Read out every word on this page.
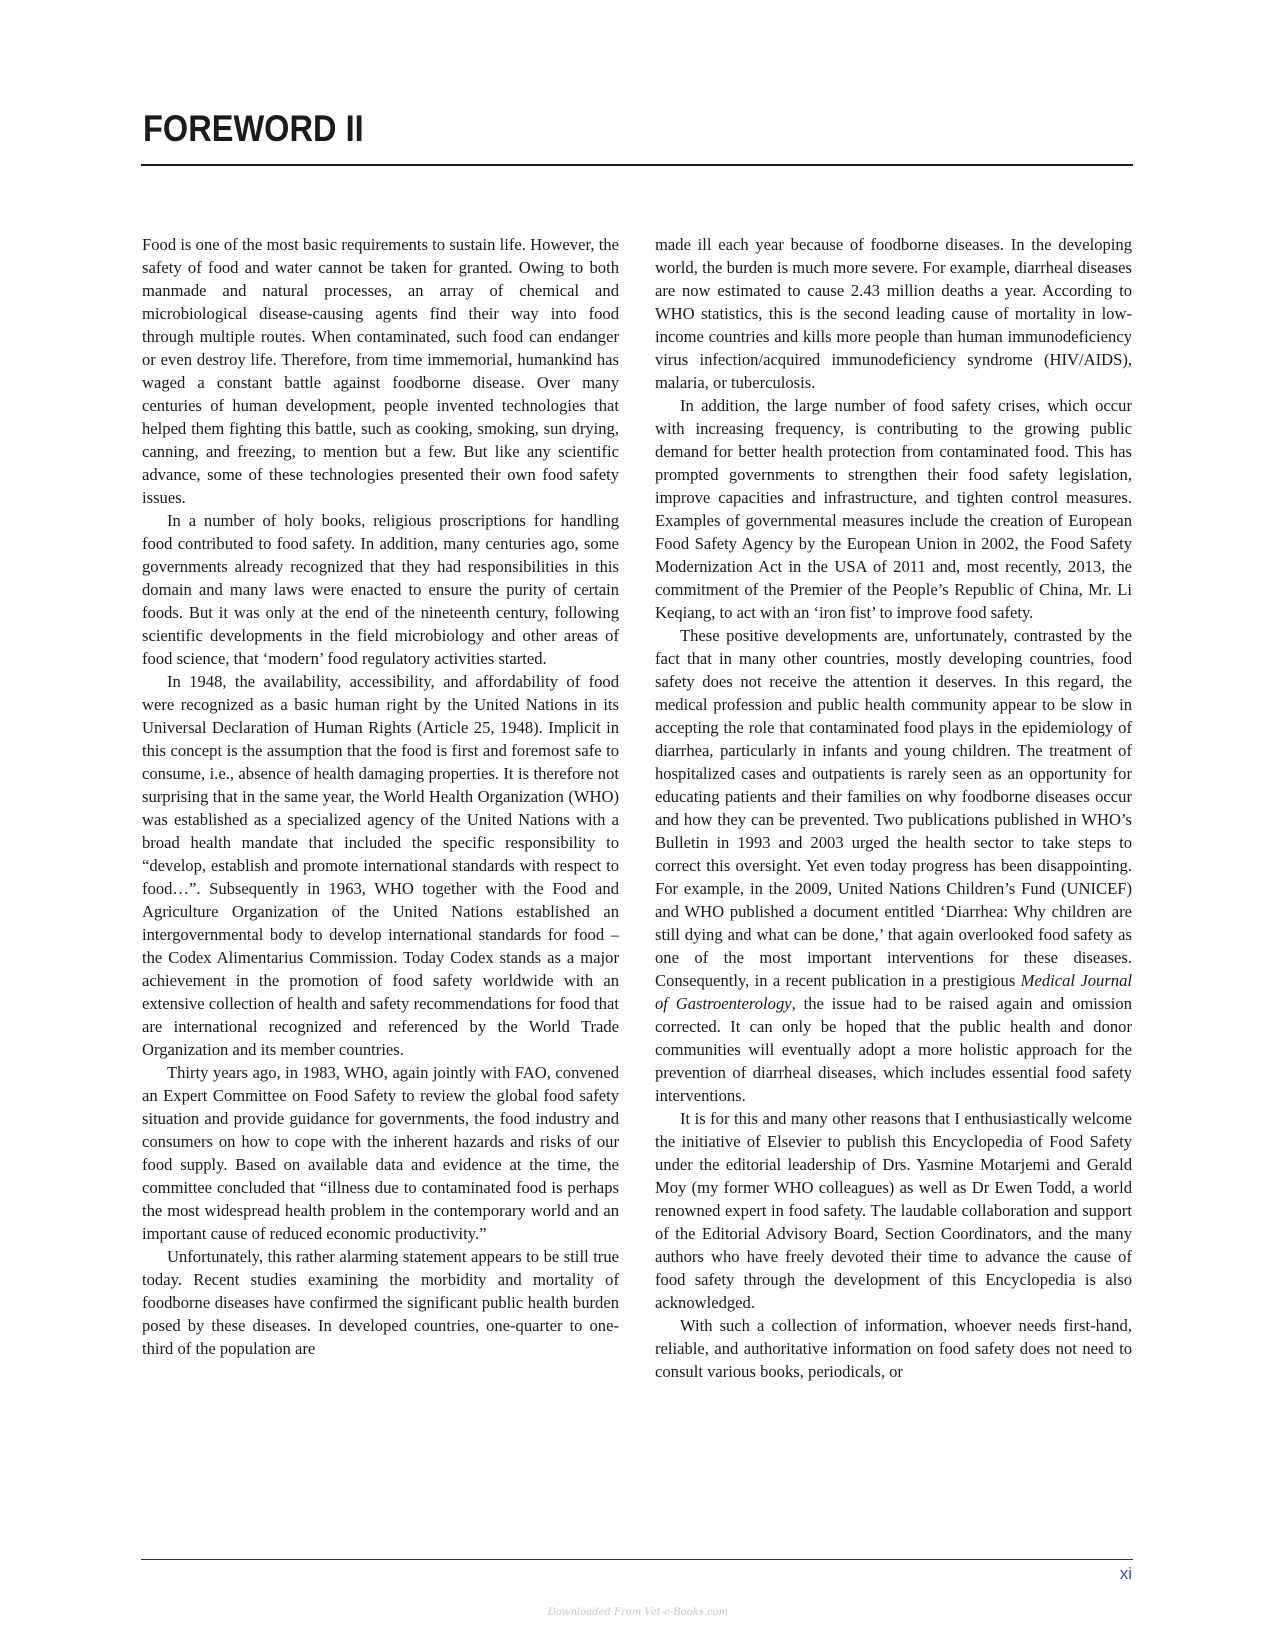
FOREWORD II

Food is one of the most basic requirements to sustain life. However, the safety of food and water cannot be taken for granted. Owing to both manmade and natural processes, an array of chemical and microbiological disease-causing agents find their way into food through multiple routes. When contaminated, such food can endanger or even destroy life. Therefore, from time immemorial, humankind has waged a constant battle against foodborne disease. Over many centuries of human development, people invented technologies that helped them fighting this battle, such as cooking, smoking, sun drying, canning, and freezing, to mention but a few. But like any scientific advance, some of these technologies presented their own food safety issues.

In a number of holy books, religious proscriptions for handling food contributed to food safety. In addition, many centuries ago, some governments already recognized that they had responsibilities in this domain and many laws were enacted to ensure the purity of certain foods. But it was only at the end of the nineteenth century, following scientific developments in the field microbiology and other areas of food science, that ‘modern’ food regulatory activities started.

In 1948, the availability, accessibility, and affordability of food were recognized as a basic human right by the United Nations in its Universal Declaration of Human Rights (Article 25, 1948). Implicit in this concept is the assumption that the food is first and foremost safe to consume, i.e., absence of health damaging properties. It is therefore not surprising that in the same year, the World Health Organization (WHO) was established as a specialized agency of the United Nations with a broad health mandate that included the specific responsibility to “develop, establish and promote international standards with respect to food…”. Subsequently in 1963, WHO together with the Food and Agriculture Organization of the United Nations established an intergovernmental body to develop international standards for food – the Codex Alimentarius Commission. Today Codex stands as a major achievement in the promotion of food safety worldwide with an extensive collection of health and safety recommendations for food that are international recognized and referenced by the World Trade Organization and its member countries.

Thirty years ago, in 1983, WHO, again jointly with FAO, convened an Expert Committee on Food Safety to review the global food safety situation and provide guidance for governments, the food industry and consumers on how to cope with the inherent hazards and risks of our food supply. Based on available data and evidence at the time, the committee concluded that “illness due to contaminated food is perhaps the most widespread health problem in the contemporary world and an important cause of reduced economic productivity.”

Unfortunately, this rather alarming statement appears to be still true today. Recent studies examining the morbidity and mortality of foodborne diseases have confirmed the significant public health burden posed by these diseases. In developed countries, one-quarter to one-third of the population are

made ill each year because of foodborne diseases. In the developing world, the burden is much more severe. For example, diarrheal diseases are now estimated to cause 2.43 million deaths a year. According to WHO statistics, this is the second leading cause of mortality in low-income countries and kills more people than human immunodeficiency virus infection/acquired immunodeficiency syndrome (HIV/AIDS), malaria, or tuberculosis.

In addition, the large number of food safety crises, which occur with increasing frequency, is contributing to the growing public demand for better health protection from contaminated food. This has prompted governments to strengthen their food safety legislation, improve capacities and infrastructure, and tighten control measures. Examples of governmental measures include the creation of European Food Safety Agency by the European Union in 2002, the Food Safety Modernization Act in the USA of 2011 and, most recently, 2013, the commitment of the Premier of the People’s Republic of China, Mr. Li Keqiang, to act with an ‘iron fist’ to improve food safety.

These positive developments are, unfortunately, contrasted by the fact that in many other countries, mostly developing countries, food safety does not receive the attention it deserves. In this regard, the medical profession and public health community appear to be slow in accepting the role that contaminated food plays in the epidemiology of diarrhea, particularly in infants and young children. The treatment of hospitalized cases and outpatients is rarely seen as an opportunity for educating patients and their families on why foodborne diseases occur and how they can be prevented. Two publications published in WHO’s Bulletin in 1993 and 2003 urged the health sector to take steps to correct this oversight. Yet even today progress has been disappointing. For example, in the 2009, United Nations Children’s Fund (UNICEF) and WHO published a document entitled ‘Diarrhea: Why children are still dying and what can be done,’ that again overlooked food safety as one of the most important interventions for these diseases. Consequently, in a recent publication in a prestigious Medical Journal of Gastroenterology, the issue had to be raised again and omission corrected. It can only be hoped that the public health and donor communities will eventually adopt a more holistic approach for the prevention of diarrheal diseases, which includes essential food safety interventions.

It is for this and many other reasons that I enthusiastically welcome the initiative of Elsevier to publish this Encyclopedia of Food Safety under the editorial leadership of Drs. Yasmine Motarjemi and Gerald Moy (my former WHO colleagues) as well as Dr Ewen Todd, a world renowned expert in food safety. The laudable collaboration and support of the Editorial Advisory Board, Section Coordinators, and the many authors who have freely devoted their time to advance the cause of food safety through the development of this Encyclopedia is also acknowledged.

With such a collection of information, whoever needs first-hand, reliable, and authoritative information on food safety does not need to consult various books, periodicals, or

xi
Downloaded From Vet-e-Books.com
